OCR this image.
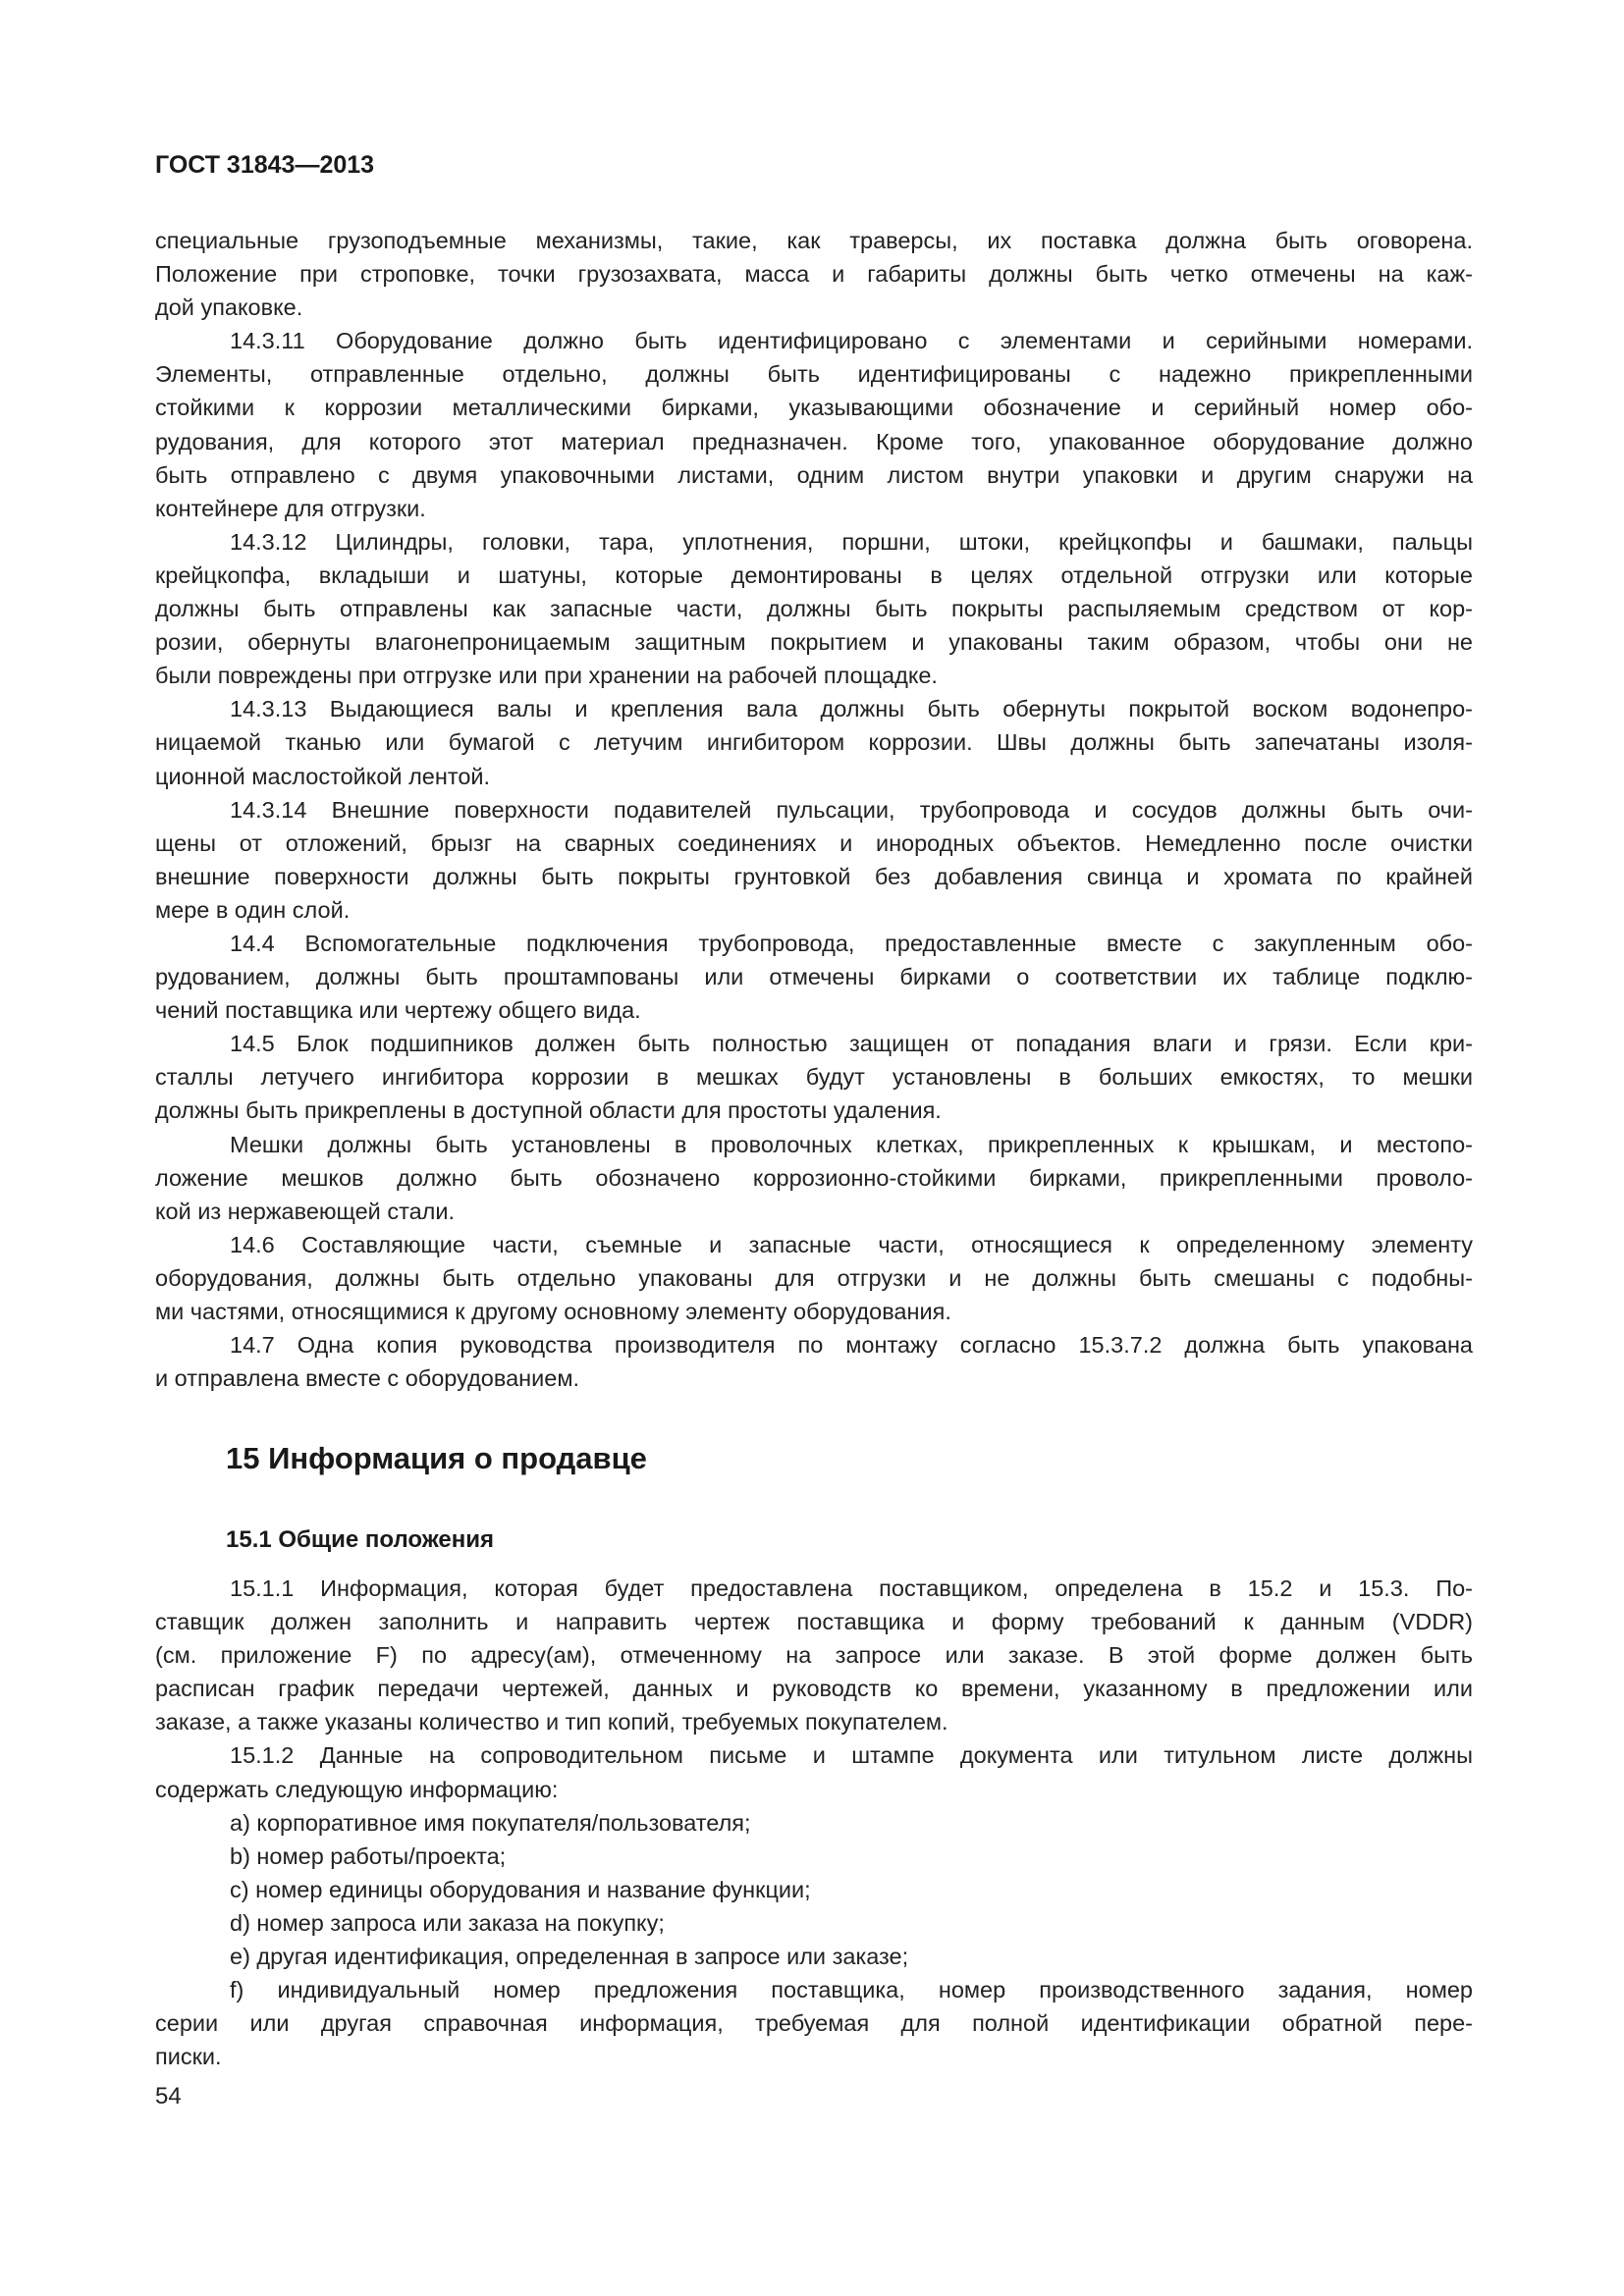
ГОСТ 31843—2013
специальные грузоподъемные механизмы, такие, как траверсы, их поставка должна быть оговорена.
Положение при строповке, точки грузозахвата, масса и габариты должны быть четко отмечены на каж-
дой упаковке.
14.3.11 Оборудование должно быть идентифицировано с элементами и серийными номерами.
Элементы, отправленные отдельно, должны быть идентифицированы с надежно прикрепленными
стойкими к коррозии металлическими бирками, указывающими обозначение и серийный номер обо-
рудования, для которого этот материал предназначен. Кроме того, упакованное оборудование должно
быть отправлено с двумя упаковочными листами, одним листом внутри упаковки и другим снаружи на
контейнере для отгрузки.
14.3.12 Цилиндры, головки, тара, уплотнения, поршни, штоки, крейцкопфы и башмаки, пальцы
крейцкопфа, вкладыши и шатуны, которые демонтированы в целях отдельной отгрузки или которые
должны быть отправлены как запасные части, должны быть покрыты распыляемым средством от кор-
розии, обернуты влагонепроницаемым защитным покрытием и упакованы таким образом, чтобы они не
были повреждены при отгрузке или при хранении на рабочей площадке.
14.3.13 Выдающиеся валы и крепления вала должны быть обернуты покрытой воском водонепро-
ницаемой тканью или бумагой с летучим ингибитором коррозии. Швы должны быть запечатаны изоля-
ционной маслостойкой лентой.
14.3.14 Внешние поверхности подавителей пульсации, трубопровода и сосудов должны быть очи-
щены от отложений, брызг на сварных соединениях и инородных объектов. Немедленно после очистки
внешние поверхности должны быть покрыты грунтовкой без добавления свинца и хромата по крайней
мере в один слой.
14.4 Вспомогательные подключения трубопровода, предоставленные вместе с закупленным обо-
рудованием, должны быть проштампованы или отмечены бирками о соответствии их таблице подклю-
чений поставщика или чертежу общего вида.
14.5 Блок подшипников должен быть полностью защищен от попадания влаги и грязи. Если кри-
сталлы летучего ингибитора коррозии в мешках будут установлены в больших емкостях, то мешки
должны быть прикреплены в доступной области для простоты удаления.
Мешки должны быть установлены в проволочных клетках, прикрепленных к крышкам, и местопо-
ложение мешков должно быть обозначено коррозионно-стойкими бирками, прикрепленными проволо-
кой из нержавеющей стали.
14.6 Составляющие части, съемные и запасные части, относящиеся к определенному элементу
оборудования, должны быть отдельно упакованы для отгрузки и не должны быть смешаны с подобны-
ми частями, относящимися к другому основному элементу оборудования.
14.7 Одна копия руководства производителя по монтажу согласно 15.3.7.2 должна быть упакована
и отправлена вместе с оборудованием.
15 Информация о продавце
15.1 Общие положения
15.1.1 Информация, которая будет предоставлена поставщиком, определена в 15.2 и 15.3. По-
ставщик должен заполнить и направить чертеж поставщика и форму требований к данным (VDDR)
(см. приложение F) по адресу(ам), отмеченному на запросе или заказе. В этой форме должен быть
расписан график передачи чертежей, данных и руководств ко времени, указанному в предложении или
заказе, а также указаны количество и тип копий, требуемых покупателем.
15.1.2 Данные на сопроводительном письме и штампе документа или титульном листе должны
содержать следующую информацию:
a) корпоративное имя покупателя/пользователя;
b) номер работы/проекта;
c) номер единицы оборудования и название функции;
d) номер запроса или заказа на покупку;
e) другая идентификация, определенная в запросе или заказе;
f) индивидуальный номер предложения поставщика, номер производственного задания, номер
серии или другая справочная информация, требуемая для полной идентификации обратной пере-
писки.
54
